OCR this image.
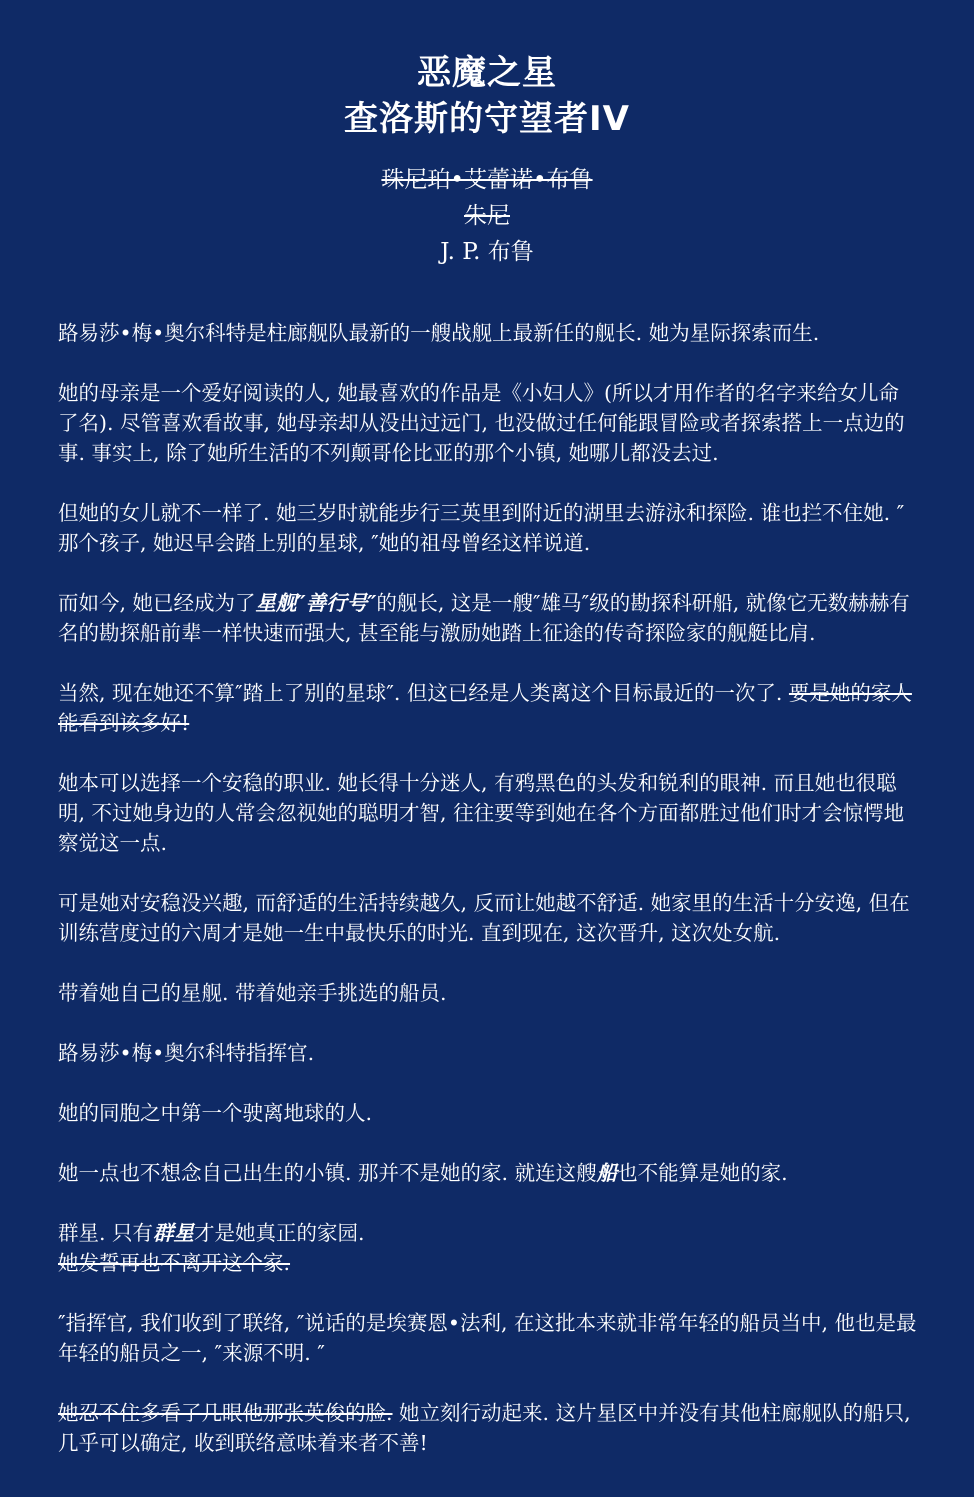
恶魔之星
查洛斯的守望者IV
珠尼珀•艾蕾诺•布鲁
朱尼
J. P. 布鲁

路易莎•梅•奥尔科特是柱廊舰队最新的一艘战舰上最新任的舰长. 她为星际探索而生.

她的母亲是一个爱好阅读的人, 她最喜欢的作品是《小妇人》(所以才用作者的名字来给女儿命了名). 尽管喜欢看故事, 她母亲却从没出过远门, 也没做过任何能跟冒险或者探索搭上一点边的事. 事实上, 除了她所生活的不列颠哥伦比亚的那个小镇, 她哪儿都没去过.

但她的女儿就不一样了. 她三岁时就能步行三英里到附近的湖里去游泳和探险. 谁也拦不住她. ″那个孩子, 她迟早会踏上别的星球, ″她的祖母曾经这样说道.

而如今, 她已经成为了星舰″善行号″的舰长, 这是一艘″雄马″级的勘探科研船, 就像它无数赫赫有名的勘探船前辈一样快速而强大, 甚至能与激励她踏上征途的传奇探险家的舰艇比肩.

当然, 现在她还不算″踏上了别的星球″. 但这已经是人类离这个目标最近的一次了. 要是她的家人能看到该多好!

她本可以选择一个安稳的职业. 她长得十分迷人, 有鸦黑色的头发和锐利的眼神. 而且她也很聪明, 不过她身边的人常会忽视她的聪明才智, 往往要等到她在各个方面都胜过他们时才会惊愕地察觉这一点.

可是她对安稳没兴趣, 而舒适的生活持续越久, 反而让她越不舒适. 她家里的生活十分安逸, 但在训练营度过的六周才是她一生中最快乐的时光. 直到现在, 这次晋升, 这次处女航.

带着她自己的星舰. 带着她亲手挑选的船员.

路易莎•梅•奥尔科特指挥官.

她的同胞之中第一个驶离地球的人.

她一点也不想念自己出生的小镇. 那并不是她的家. 就连这艘船也不能算是她的家.

群星. 只有群星才是她真正的家园.

她发誓再也不离开这个家.

″指挥官, 我们收到了联络, ″说话的是埃赛恩•法利, 在这批本来就非常年轻的船员当中, 他也是最年轻的船员之一, ″来源不明. ″

她忍不住多看了几眼他那张英俊的脸. 她立刻行动起来. 这片星区中并没有其他柱廊舰队的船只, 几乎可以确定, 收到联络意味着来者不善!
